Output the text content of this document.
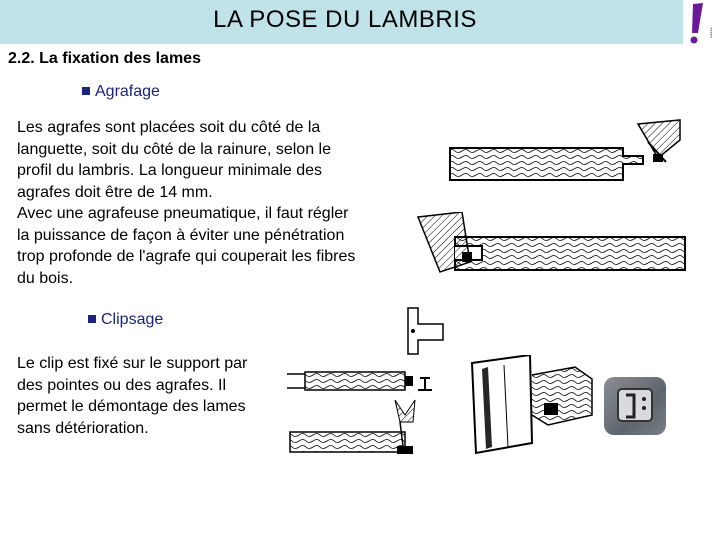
LA POSE DU LAMBRIS	▪▪▪▪▪
2.2. La fixation des lames
Agrafage
Les agrafes sont placées soit du côté de la
languette, soit du côté de la rainure, selon le
profil du lambris. La longueur minimale des
agrafes doit être de 14 mm.
Avec une agrafeuse pneumatique, il faut régler
la puissance de façon à éviter une pénétration
trop profonde de l'agrafe qui couperait les fibres
du bois.
Clipsage
Le clip est fixé sur le support par
des pointes ou des agrafes. Il
permet le démontage des lames
sans détérioration.
